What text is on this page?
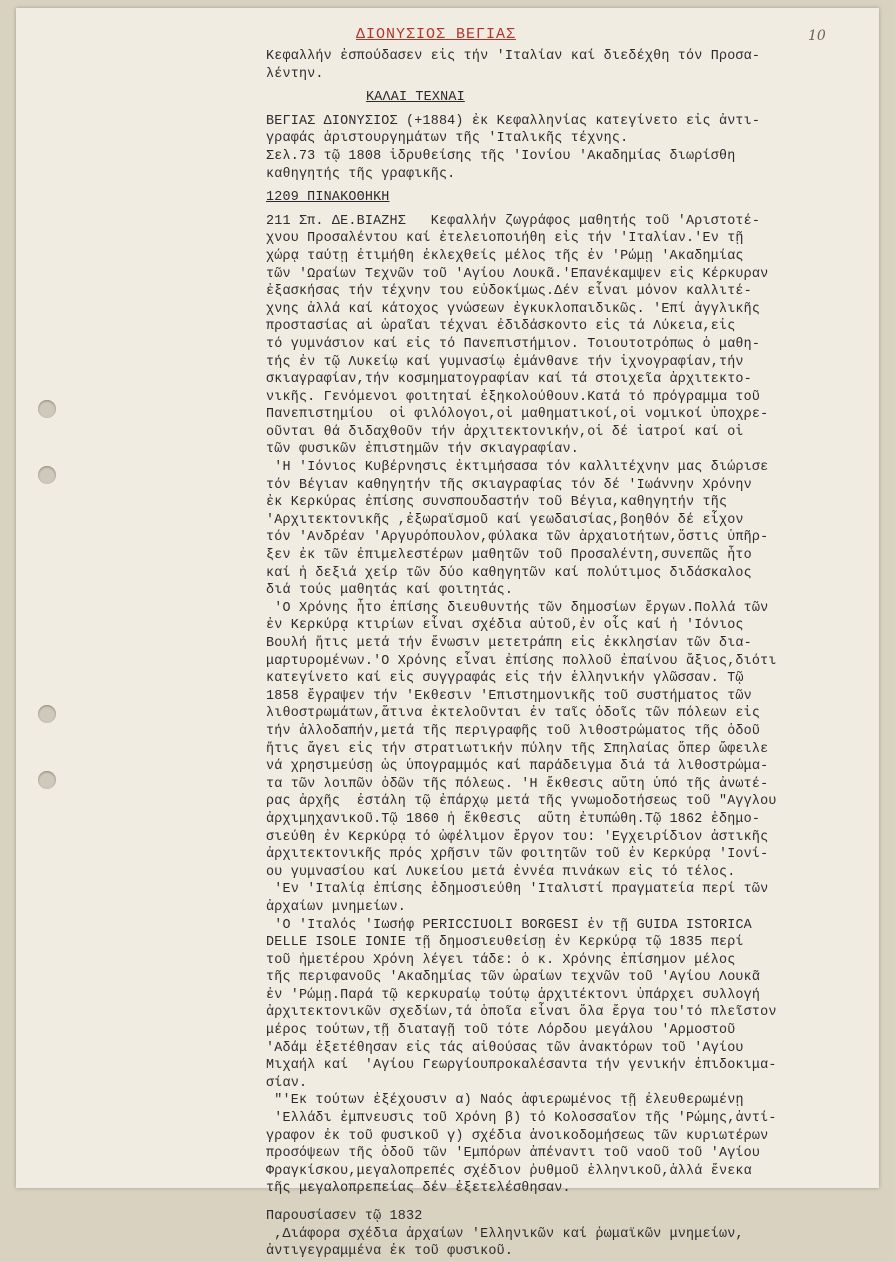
ΔΙΟΝΥΣΙΟΣ ΒΕΓΙΑΣ	10

Κεφαλλήν ἐσπούδασεν εἰς τήν 'Ιταλίαν καί διεδέχθη τόν Προσα-

λέντην.

ΚΑΛΑΙ ΤΕΧΝΑΙ

ΒΕΓΙΑΣ ΔΙΟΝΥΣΙΟΣ (+1884) ἐκ Κεφαλληνίας κατεγίνετο εἰς ἀντι-

γραφάς ἀριστουργημάτων τῆς 'Ιταλικῆς τέχνης.

Σελ.73 τῷ 1808 ἱδρυθείσης τῆς 'Ιονίου 'Ακαδημίας διωρίσθη

καθηγητής τῆς γραφικῆς.

1209 ΠΙΝΑΚΟΘΗΚΗ

211 Σπ. ΔΕ.ΒΙΑΖΗΣ   Κεφαλλήν ζωγράφος μαθητής τοῦ 'Αριστοτέ-

χνου Προσαλέντου καί ἐτελειοποιήθη εἰς τήν 'Ιταλίαν.'Εν τῇ

χώρᾳ ταύτῃ ἐτιμήθη ἐκλεχθείς μέλος τῆς ἐν 'Ρώμῃ 'Ακαδημίας

τῶν 'Ωραίων Τεχνῶν τοῦ 'Αγίου Λουκᾶ.'Επανέκαμψεν εἰς Κέρκυραν

ἐξασκήσας τήν τέχνην του εὐδοκίμως.Δέν εἶναι μόνον καλλιτέ-

χνης ἀλλά καί κάτοχος γνώσεων ἐγκυκλοπαιδικῶς. 'Επί ἀγγλικῆς

προστασίας αἱ ὡραῖαι τέχναι ἐδιδάσκοντο εἰς τά Λύκεια,εἰς

τό γυμνάσιον καί εἰς τό Πανεπιστήμιον. Τοιουτοτρόπως ὁ μαθη-

τής ἐν τῷ Λυκείῳ καί γυμνασίῳ ἐμάνθανε τήν ἰχνογραφίαν,τήν

σκιαγραφίαν,τήν κοσμηματογραφίαν καί τά στοιχεῖα ἀρχιτεκτο-

νικῆς. Γενόμενοι φοιτηταί ἐξηκολούθουν.Κατά τό πρόγραμμα τοῦ

Πανεπιστημίου  οἱ φιλόλογοι,οἱ μαθηματικοί,οἱ νομικοί ὑποχρε-

οῦνται θά διδαχθοῦν τήν ἀρχιτεκτονικήν,οἱ δέ ἰατροί καί οἱ

τῶν φυσικῶν ἐπιστημῶν τήν σκιαγραφίαν.

'Η 'Ιόνιος Κυβέρνησις ἐκτιμήσασα τόν καλλιτέχνην μας διώρισε

τόν Βέγιαν καθηγητήν τῆς σκιαγραφίας τόν δέ 'Ιωάννην Χρόνην

ἐκ Κερκύρας ἐπίσης συνσπουδαστήν τοῦ Βέγια,καθηγητήν τῆς

'Αρχιτεκτονικῆς ,ἐξωραϊσμοῦ καί γεωδαισίας,βοηθόν δέ εἶχον

τόν 'Ανδρέαν 'Αργυρόπουλον,φύλακα τῶν ἀρχαιοτήτων,ὅστις ὑπῆρ-

ξεν ἐκ τῶν ἐπιμελεστέρων μαθητῶν τοῦ Προσαλέντη,συνεπῶς ἦτο

καί ἡ δεξιά χείρ τῶν δύο καθηγητῶν καί πολύτιμος διδάσκαλος

διά τούς μαθητάς καί φοιτητάς.

'Ο Χρόνης ἦτο ἐπίσης διευθυντής τῶν δημοσίων ἔργων.Πολλά τῶν

ἐν Κερκύρᾳ κτιρίων εἶναι σχέδια αὐτοῦ,ἐν οἷς καί ἡ 'Ιόνιος

Βουλή ἥτις μετά τήν ἕνωσιν μετετράπη εἰς ἐκκλησίαν τῶν δια-

μαρτυρομένων.'Ο Χρόνης εἶναι ἐπίσης πολλοῦ ἐπαίνου ἄξιος,διότι

κατεγίνετο καί εἰς συγγραφάς εἰς τήν ἑλληνικήν γλῶσσαν. Τῷ

1858 ἔγραψεν τήν 'Εκθεσιν 'Επιστημονικῆς τοῦ συστήματος τῶν

λιθοστρωμάτων,ἅτινα ἐκτελοῦνται ἐν ταῖς ὁδοῖς τῶν πόλεων εἰς

τήν ἀλλοδαπήν,μετά τῆς περιγραφῆς τοῦ λιθοστρώματος τῆς ὁδοῦ

ἥτις ἄγει εἰς τήν στρατιωτικήν πύλην τῆς Σπηλαίας ὅπερ ὤφειλε

νά χρησιμεύσῃ ὡς ὑπογραμμός καί παράδειγμα διά τά λιθοστρώμα-

τα τῶν λοιπῶν ὁδῶν τῆς πόλεως. 'Η ἔκθεσις αὕτη ὑπό τῆς ἀνωτέ-

ρας ἀρχῆς  ἐστάλη τῷ ἐπάρχῳ μετά τῆς γνωμοδοτήσεως τοῦ "Αγγλου

ἀρχιμηχανικοῦ.Τῷ 1860 ἡ ἔκθεσις  αὕτη ἐτυπώθη.Τῷ 1862 ἐδημο-

σιεύθη ἐν Κερκύρᾳ τό ὠφέλιμον ἔργον του: 'Εγχειρίδιον ἀστικῆς

ἀρχιτεκτονικῆς πρός χρῆσιν τῶν φοιτητῶν τοῦ ἐν Κερκύρᾳ 'Ιονί-

ου γυμνασίου καί Λυκείου μετά ἐννέα πινάκων εἰς τό τέλος.

'Εν 'Ιταλίᾳ ἐπίσης ἐδημοσιεύθη 'Ιταλιστί πραγματεία περί τῶν

ἀρχαίων μνημείων.

'Ο 'Ιταλός 'Ιωσήφ PERICCIUOLI BORGESI ἐν τῇ GUIDA ISTORICA

DELLE ISOLE IONIE τῇ δημοσιευθείσῃ ἐν Κερκύρᾳ τῷ 1835 περί

τοῦ ἡμετέρου Χρόνη λέγει τάδε: ὁ κ. Χρόνης ἐπίσημον μέλος

τῆς περιφανοῦς 'Ακαδημίας τῶν ὡραίων τεχνῶν τοῦ 'Αγίου Λουκᾶ

ἐν 'Ρώμῃ.Παρά τῷ κερκυραίῳ τούτῳ ἀρχιτέκτονι ὑπάρχει συλλογή

ἀρχιτεκτονικῶν σχεδίων,τά ὁποῖα εἶναι ὅλα ἔργα του'τό πλεῖστον

μέρος τούτων,τῇ διαταγῇ τοῦ τότε Λόρδου μεγάλου 'Αρμοστοῦ

'Αδάμ ἐξετέθησαν εἰς τάς αἰθούσας τῶν ἀνακτόρων τοῦ 'Αγίου

Μιχαήλ καί  'Αγίου Γεωργίουπροκαλέσαντα τήν γενικήν ἐπιδοκιμα-

σίαν.

"'Εκ τούτων ἐξέχουσιν α) Ναός ἀφιερωμένος τῇ ἐλευθερωμένῃ

'Ελλάδι ἐμπνευσις τοῦ Χρόνη β) τό Κολοσσαῖον τῆς 'Ρώμης,ἀντί-

γραφον ἐκ τοῦ φυσικοῦ γ) σχέδια ἀνοικοδομήσεως τῶν κυριωτέρων

προσόψεων τῆς ὁδοῦ τῶν 'Εμπόρων ἀπέναντι τοῦ ναοῦ τοῦ 'Αγίου

Φραγκίσκου,μεγαλοπρεπές σχέδιον ῥυθμοῦ ἑλληνικοῦ,ἀλλά ἕνεκα

τῆς μεγαλοπρεπείας δέν ἐξετελέσθησαν.

Παρουσίασεν τῷ 1832

,Διάφορα σχέδια ἀρχαίων 'Ελληνικῶν καί ῥωμαϊκῶν μνημείων,

ἀντιγεγραμμένα ἐκ τοῦ φυσικοῦ.
